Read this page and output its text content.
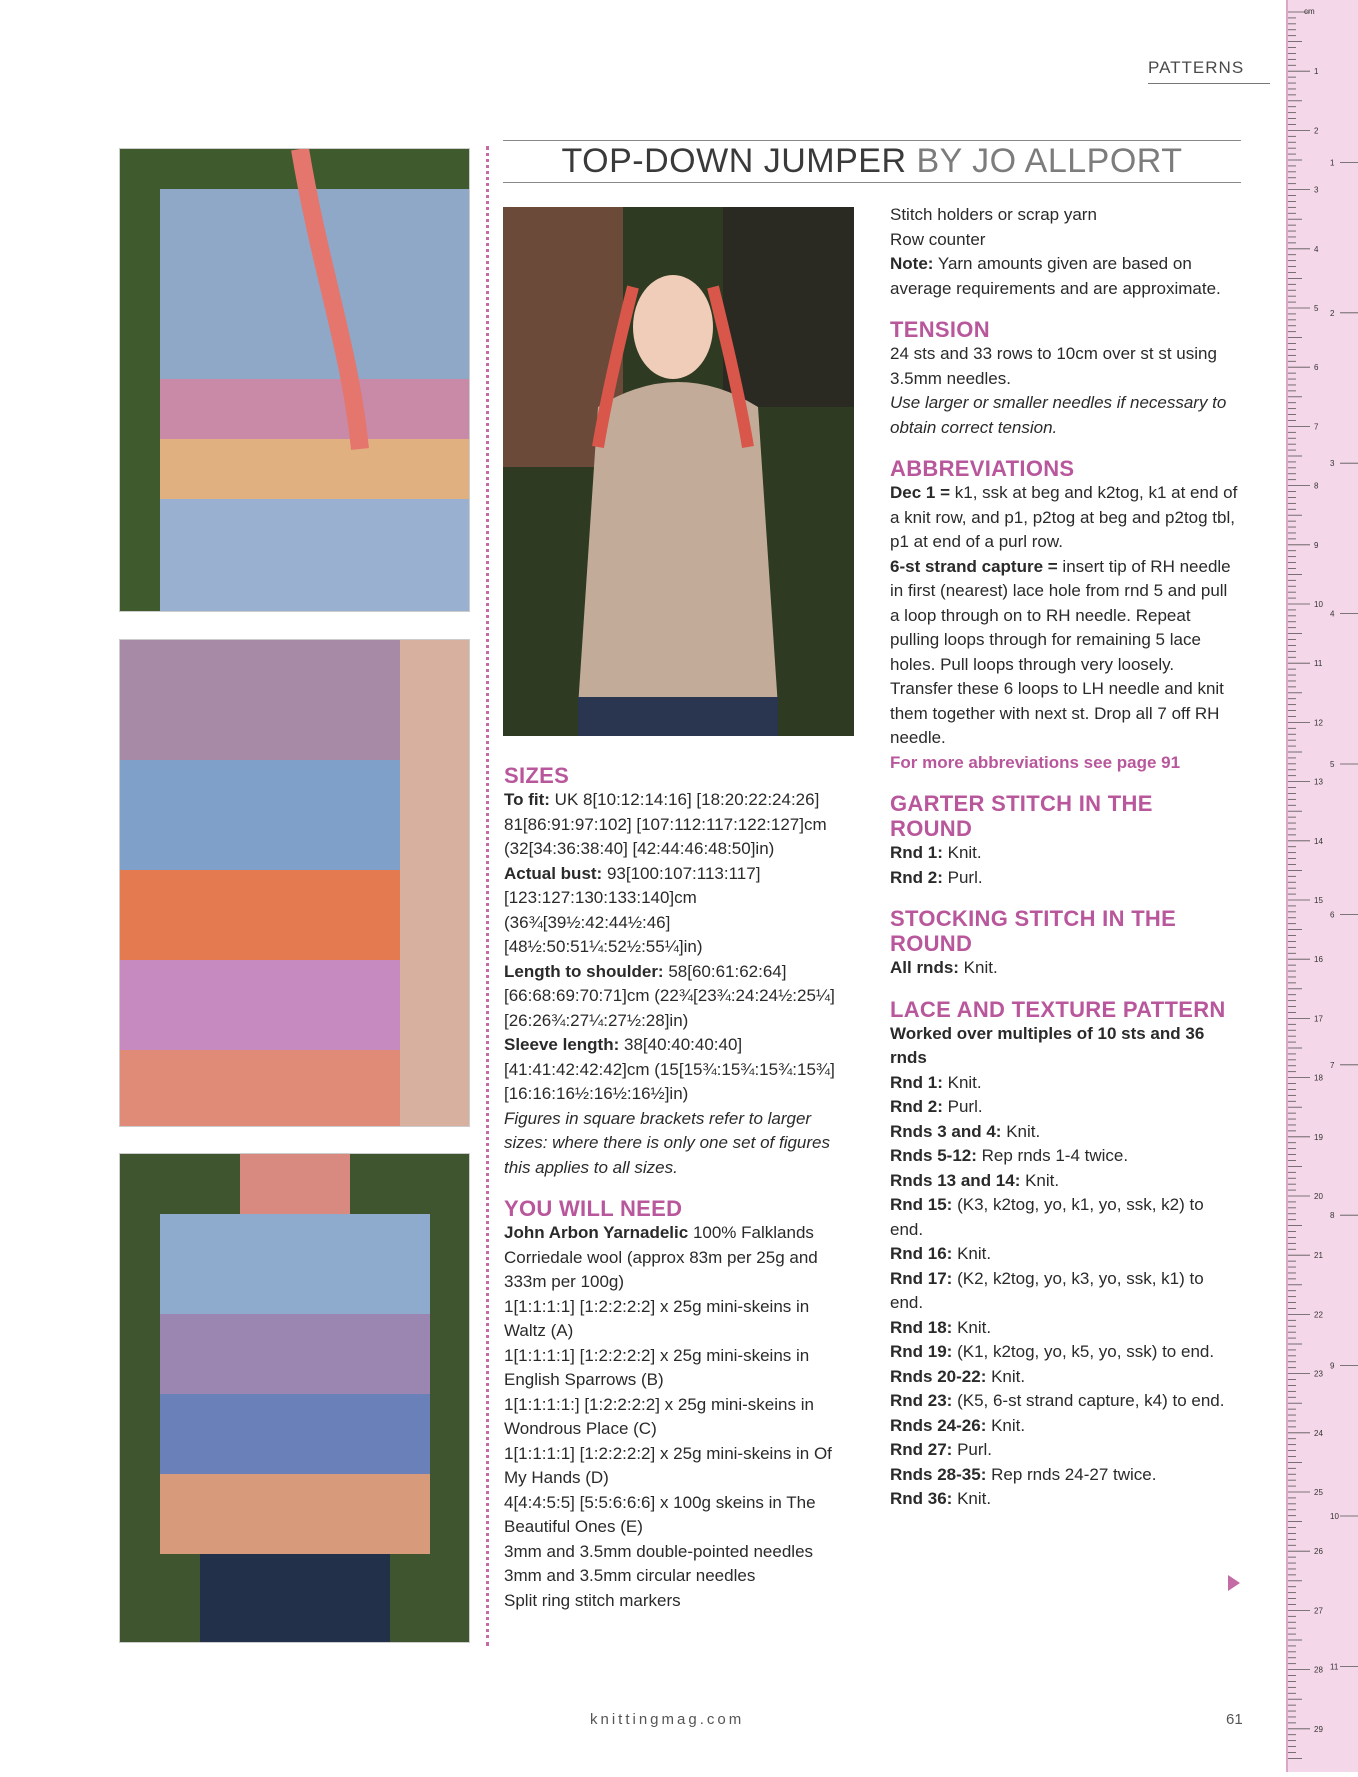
PATTERNS
TOP-DOWN JUMPER BY JO ALLPORT
SIZES

To fit: UK 8[10:12:14:16] [18:20:22:24:26] 81[86:91:97:102] [107:112:117:122:127]cm (32[34:36:38:40] [42:44:46:48:50]in)

Actual bust: 93[100:107:113:117] [123:127:130:133:140]cm (36¾[39½:42:44½:46] [48½:50:51¼:52½:55¼]in)

Length to shoulder: 58[60:61:62:64] [66:68:69:70:71]cm (22¾[23¾:24:24½:25¼] [26:26¾:27¼:27½:28]in)

Sleeve length: 38[40:40:40:40] [41:41:42:42:42]cm (15[15¾:15¾:15¾:15¾] [16:16:16½:16½:16½]in)

Figures in square brackets refer to larger sizes: where there is only one set of figures this applies to all sizes.

YOU WILL NEED

John Arbon Yarnadelic 100% Falklands Corriedale wool (approx 83m per 25g and 333m per 100g)

1[1:1:1:1] [1:2:2:2:2] x 25g mini-skeins in Waltz (A)

1[1:1:1:1] [1:2:2:2:2] x 25g mini-skeins in English Sparrows (B)

1[1:1:1:1:] [1:2:2:2:2] x 25g mini-skeins in Wondrous Place (C)

1[1:1:1:1] [1:2:2:2:2] x 25g mini-skeins in Of My Hands (D)

4[4:4:5:5] [5:5:6:6:6] x 100g skeins in The Beautiful Ones (E)

3mm and 3.5mm double-pointed needles

3mm and 3.5mm circular needles

Split ring stitch markers

Stitch holders or scrap yarn

Row counter

Note: Yarn amounts given are based on average requirements and are approximate.

TENSION

24 sts and 33 rows to 10cm over st st using 3.5mm needles.

Use larger or smaller needles if necessary to obtain correct tension.

ABBREVIATIONS

Dec 1 = k1, ssk at beg and k2tog, k1 at end of a knit row, and p1, p2tog at beg and p2tog tbl, p1 at end of a purl row.

6-st strand capture = insert tip of RH needle in first (nearest) lace hole from rnd 5 and pull a loop through on to RH needle. Repeat pulling loops through for remaining 5 lace holes. Pull loops through very loosely. Transfer these 6 loops to LH needle and knit them together with next st. Drop all 7 off RH needle.

For more abbreviations see page 91

GARTER STITCH IN THE ROUND

Rnd 1: Knit.

Rnd 2: Purl.

STOCKING STITCH IN THE ROUND

All rnds: Knit.

LACE AND TEXTURE PATTERN

Worked over multiples of 10 sts and 36 rnds

Rnd 1: Knit.

Rnd 2: Purl.

Rnds 3 and 4: Knit.

Rnds 5-12: Rep rnds 1-4 twice.

Rnds 13 and 14: Knit.

Rnd 15: (K3, k2tog, yo, k1, yo, ssk, k2) to end.

Rnd 16: Knit.

Rnd 17: (K2, k2tog, yo, k3, yo, ssk, k1) to end.

Rnd 18: Knit.

Rnd 19: (K1, k2tog, yo, k5, yo, ssk) to end.

Rnds 20-22: Knit.

Rnd 23: (K5, 6-st strand capture, k4) to end.

Rnds 24-26: Knit.

Rnd 27: Purl.

Rnds 28-35: Rep rnds 24-27 twice.

Rnd 36: Knit.

knittingmag.com	61
cm
1
2
3
4
5
6
7
8
9
10
11
12
13
14
15
16
17
18
19
20
21
22
23
24
25
26
27
28
29
1
2
3
4
5
6
7
8
9
10
11
